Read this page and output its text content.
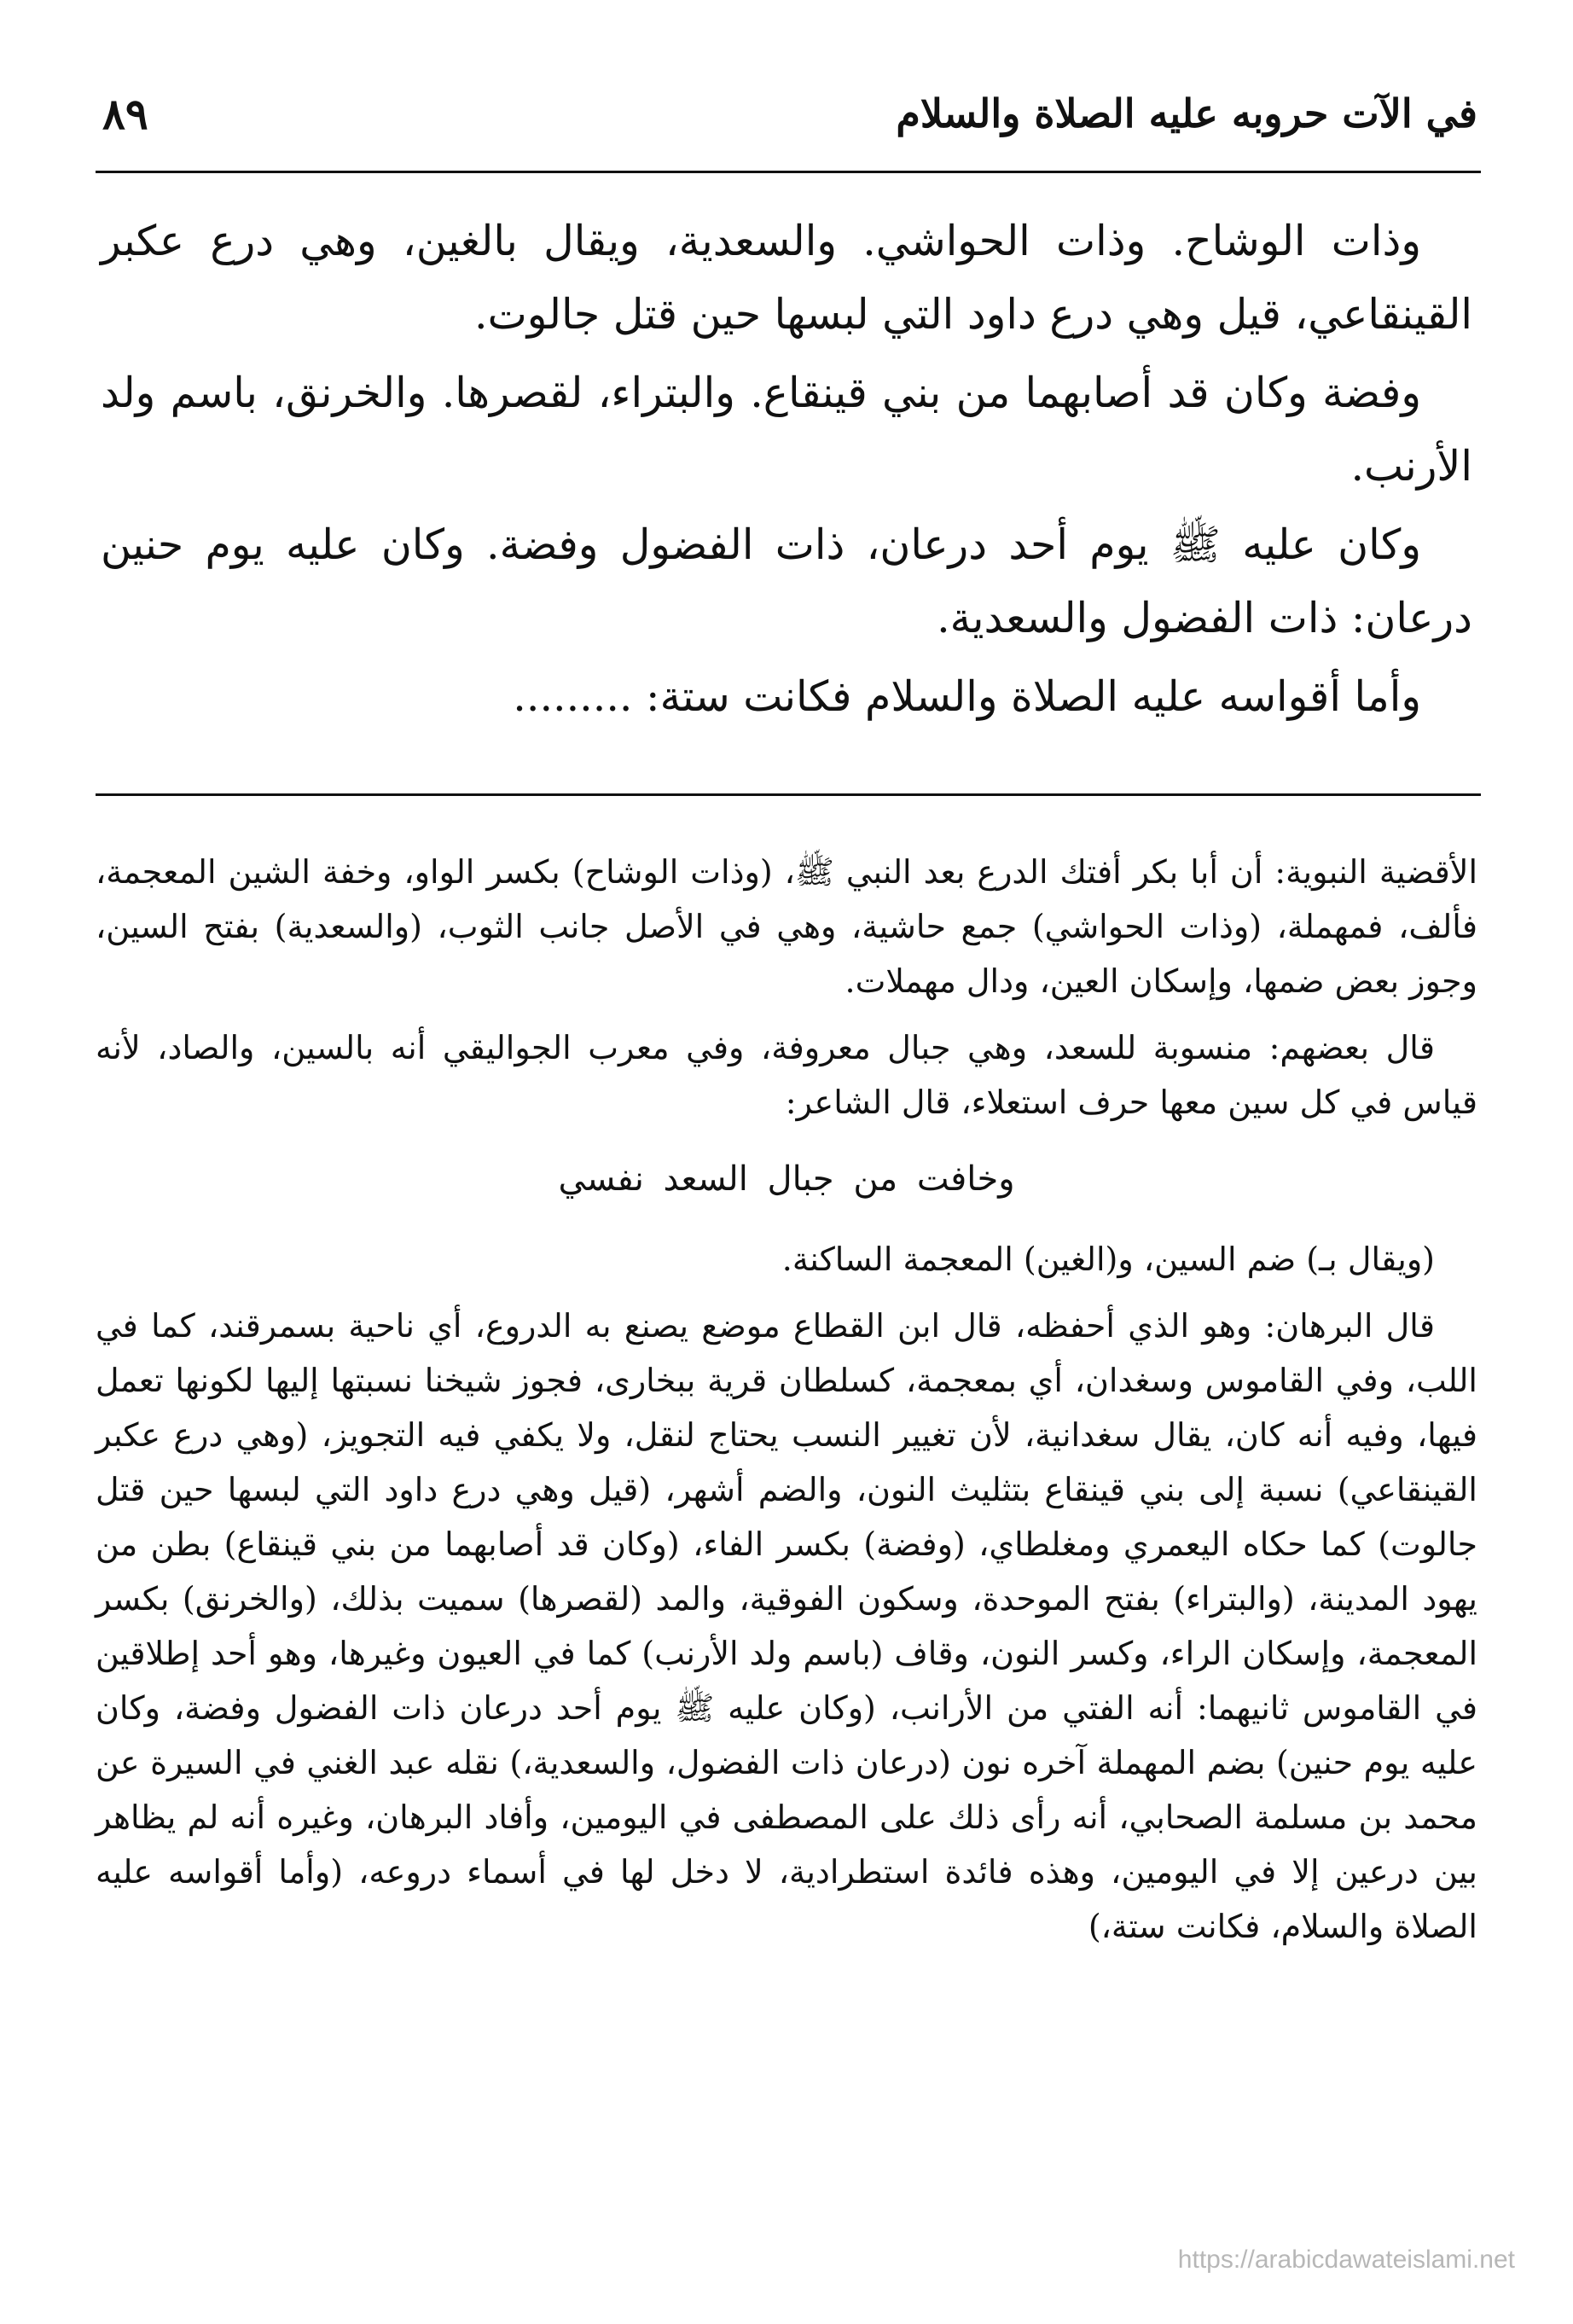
في الآت حروبه عليه الصلاة والسلام
٨٩

وذات الوشاح. وذات الحواشي. والسعدية، ويقال بالغين، وهي درع عكبر القينقاعي، قيل وهي درع داود التي لبسها حين قتل جالوت.

وفضة وكان قد أصابهما من بني قينقاع. والبتراء، لقصرها. والخرنق، باسم ولد الأرنب.

وكان عليه ﷺ يوم أحد درعان، ذات الفضول وفضة. وكان عليه يوم حنين درعان: ذات الفضول والسعدية.

وأما أقواسه عليه الصلاة والسلام فكانت ستة: .........

الأقضية النبوية: أن أبا بكر أفتك الدرع بعد النبي ﷺ، (وذات الوشاح) بكسر الواو، وخفة الشين المعجمة، فألف، فمهملة، (وذات الحواشي) جمع حاشية، وهي في الأصل جانب الثوب، (والسعدية) بفتح السين، وجوز بعض ضمها، وإسكان العين، ودال مهملات.

قال بعضهم: منسوبة للسعد، وهي جبال معروفة، وفي معرب الجواليقي أنه بالسين، والصاد، لأنه قياس في كل سين معها حرف استعلاء، قال الشاعر:

وخافت من جبال السعد نفسي

(ويقال بـ) ضم السين، و(الغين) المعجمة الساكنة.

قال البرهان: وهو الذي أحفظه، قال ابن القطاع موضع يصنع به الدروع، أي ناحية بسمرقند، كما في اللب، وفي القاموس وسغدان، أي بمعجمة، كسلطان قرية ببخارى، فجوز شيخنا نسبتها إليها لكونها تعمل فيها، وفيه أنه كان، يقال سغدانية، لأن تغيير النسب يحتاج لنقل، ولا يكفي فيه التجويز، (وهي درع عكبر القينقاعي) نسبة إلى بني قينقاع بتثليث النون، والضم أشهر، (قيل وهي درع داود التي لبسها حين قتل جالوت) كما حكاه اليعمري ومغلطاي، (وفضة) بكسر الفاء، (وكان قد أصابهما من بني قينقاع) بطن من يهود المدينة، (والبتراء) بفتح الموحدة، وسكون الفوقية، والمد (لقصرها) سميت بذلك، (والخرنق) بكسر المعجمة، وإسكان الراء، وكسر النون، وقاف (باسم ولد الأرنب) كما في العيون وغيرها، وهو أحد إطلاقين في القاموس ثانيهما: أنه الفتي من الأرانب، (وكان عليه ﷺ يوم أحد درعان ذات الفضول وفضة، وكان عليه يوم حنين) بضم المهملة آخره نون (درعان ذات الفضول، والسعدية،) نقله عبد الغني في السيرة عن محمد بن مسلمة الصحابي، أنه رأى ذلك على المصطفى في اليومين، وأفاد البرهان، وغيره أنه لم يظاهر بين درعين إلا في اليومين، وهذه فائدة استطرادية، لا دخل لها في أسماء دروعه، (وأما أقواسه عليه الصلاة والسلام، فكانت ستة،)

https://arabicdawateislami.net
